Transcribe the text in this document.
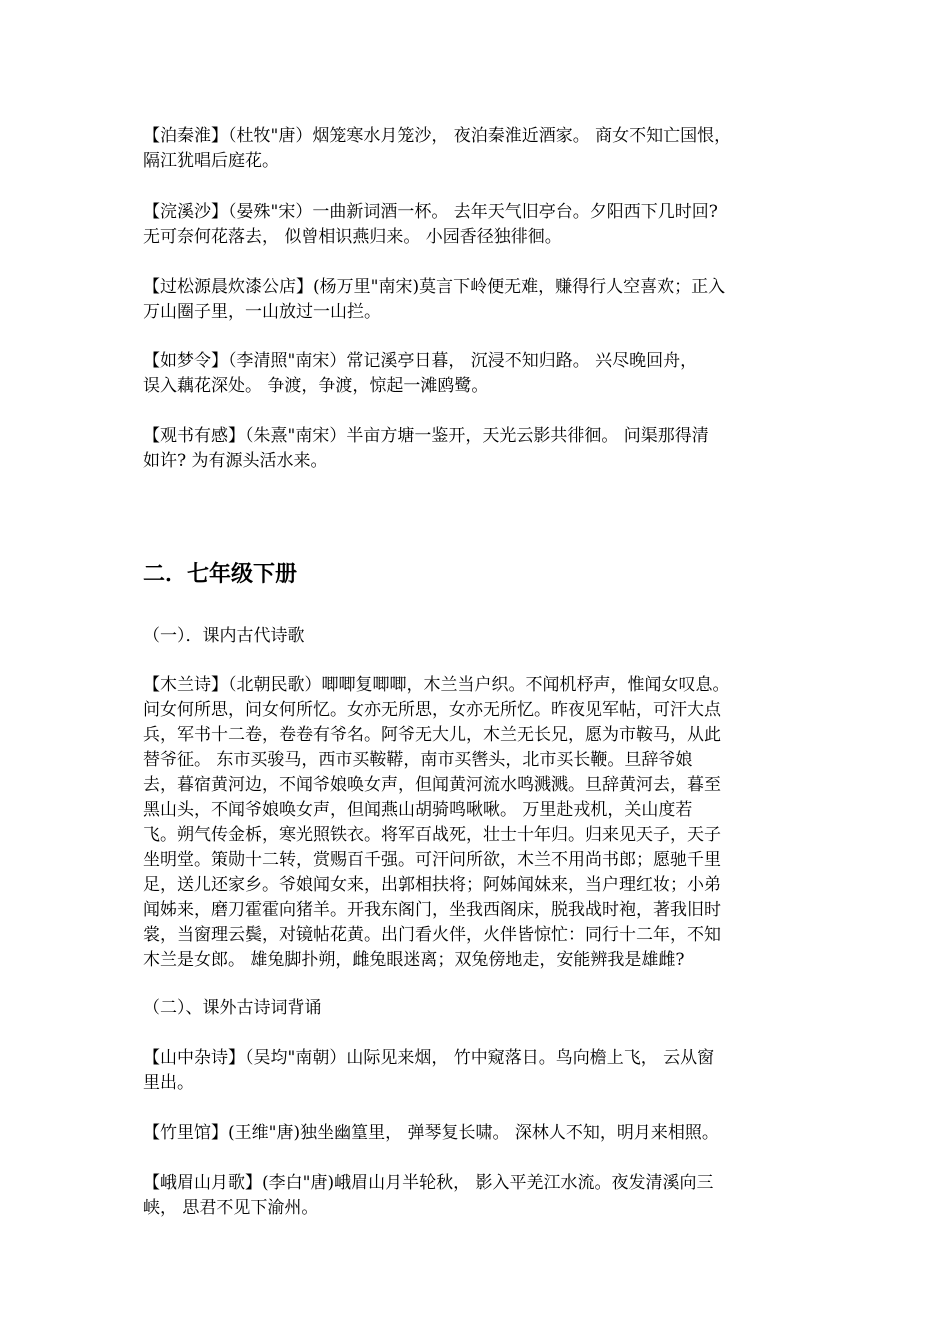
【泊秦淮】（杜牧"唐）烟笼寒水月笼沙， 夜泊秦淮近酒家。 商女不知亡国恨，
隔江犹唱后庭花。

【浣溪沙】（晏殊"宋）一曲新词酒一杯。 去年天气旧亭台。夕阳西下几时回?
无可奈何花落去， 似曾相识燕归来。 小园香径独徘徊。

【过松源晨炊漆公店】(杨万里"南宋)莫言下岭便无难，赚得行人空喜欢；正入
万山圈子里，一山放过一山拦。

【如梦令】（李清照"南宋）常记溪亭日暮， 沉浸不知归路。 兴尽晚回舟，
误入藕花深处。 争渡，争渡，惊起一滩鸥鹭。

【观书有感】（朱熹"南宋）半亩方塘一鉴开，天光云影共徘徊。 问渠那得清
如许? 为有源头活水来。

二．七年级下册

（一）．课内古代诗歌

【木兰诗】（北朝民歌）唧唧复唧唧，木兰当户织。不闻机杼声，惟闻女叹息。
问女何所思，问女何所忆。女亦无所思，女亦无所忆。昨夜见军帖，可汗大点
兵，军书十二卷，卷卷有爷名。阿爷无大儿，木兰无长兄，愿为市鞍马，从此
替爷征。 东市买骏马，西市买鞍鞯，南市买辔头，北市买长鞭。旦辞爷娘
去，暮宿黄河边，不闻爷娘唤女声，但闻黄河流水鸣溅溅。旦辞黄河去，暮至
黑山头，不闻爷娘唤女声，但闻燕山胡骑鸣啾啾。 万里赴戎机，关山度若
飞。朔气传金柝，寒光照铁衣。将军百战死，壮士十年归。归来见天子，天子
坐明堂。策勋十二转，赏赐百千强。可汗问所欲，木兰不用尚书郎；愿驰千里
足，送儿还家乡。爷娘闻女来，出郭相扶将；阿姊闻妹来，当户理红妆；小弟
闻姊来，磨刀霍霍向猪羊。开我东阁门，坐我西阁床，脱我战时袍，著我旧时
裳，当窗理云鬓，对镜帖花黄。出门看火伴，火伴皆惊忙：同行十二年，不知
木兰是女郎。 雄兔脚扑朔，雌兔眼迷离；双兔傍地走，安能辨我是雄雌?

（二）、课外古诗词背诵

【山中杂诗】（吴均"南朝）山际见来烟， 竹中窥落日。鸟向檐上飞， 云从窗
里出。

【竹里馆】(王维"唐)独坐幽篁里， 弹琴复长啸。 深林人不知，明月来相照。

【峨眉山月歌】(李白"唐)峨眉山月半轮秋， 影入平羌江水流。夜发清溪向三
峡， 思君不见下渝州。
